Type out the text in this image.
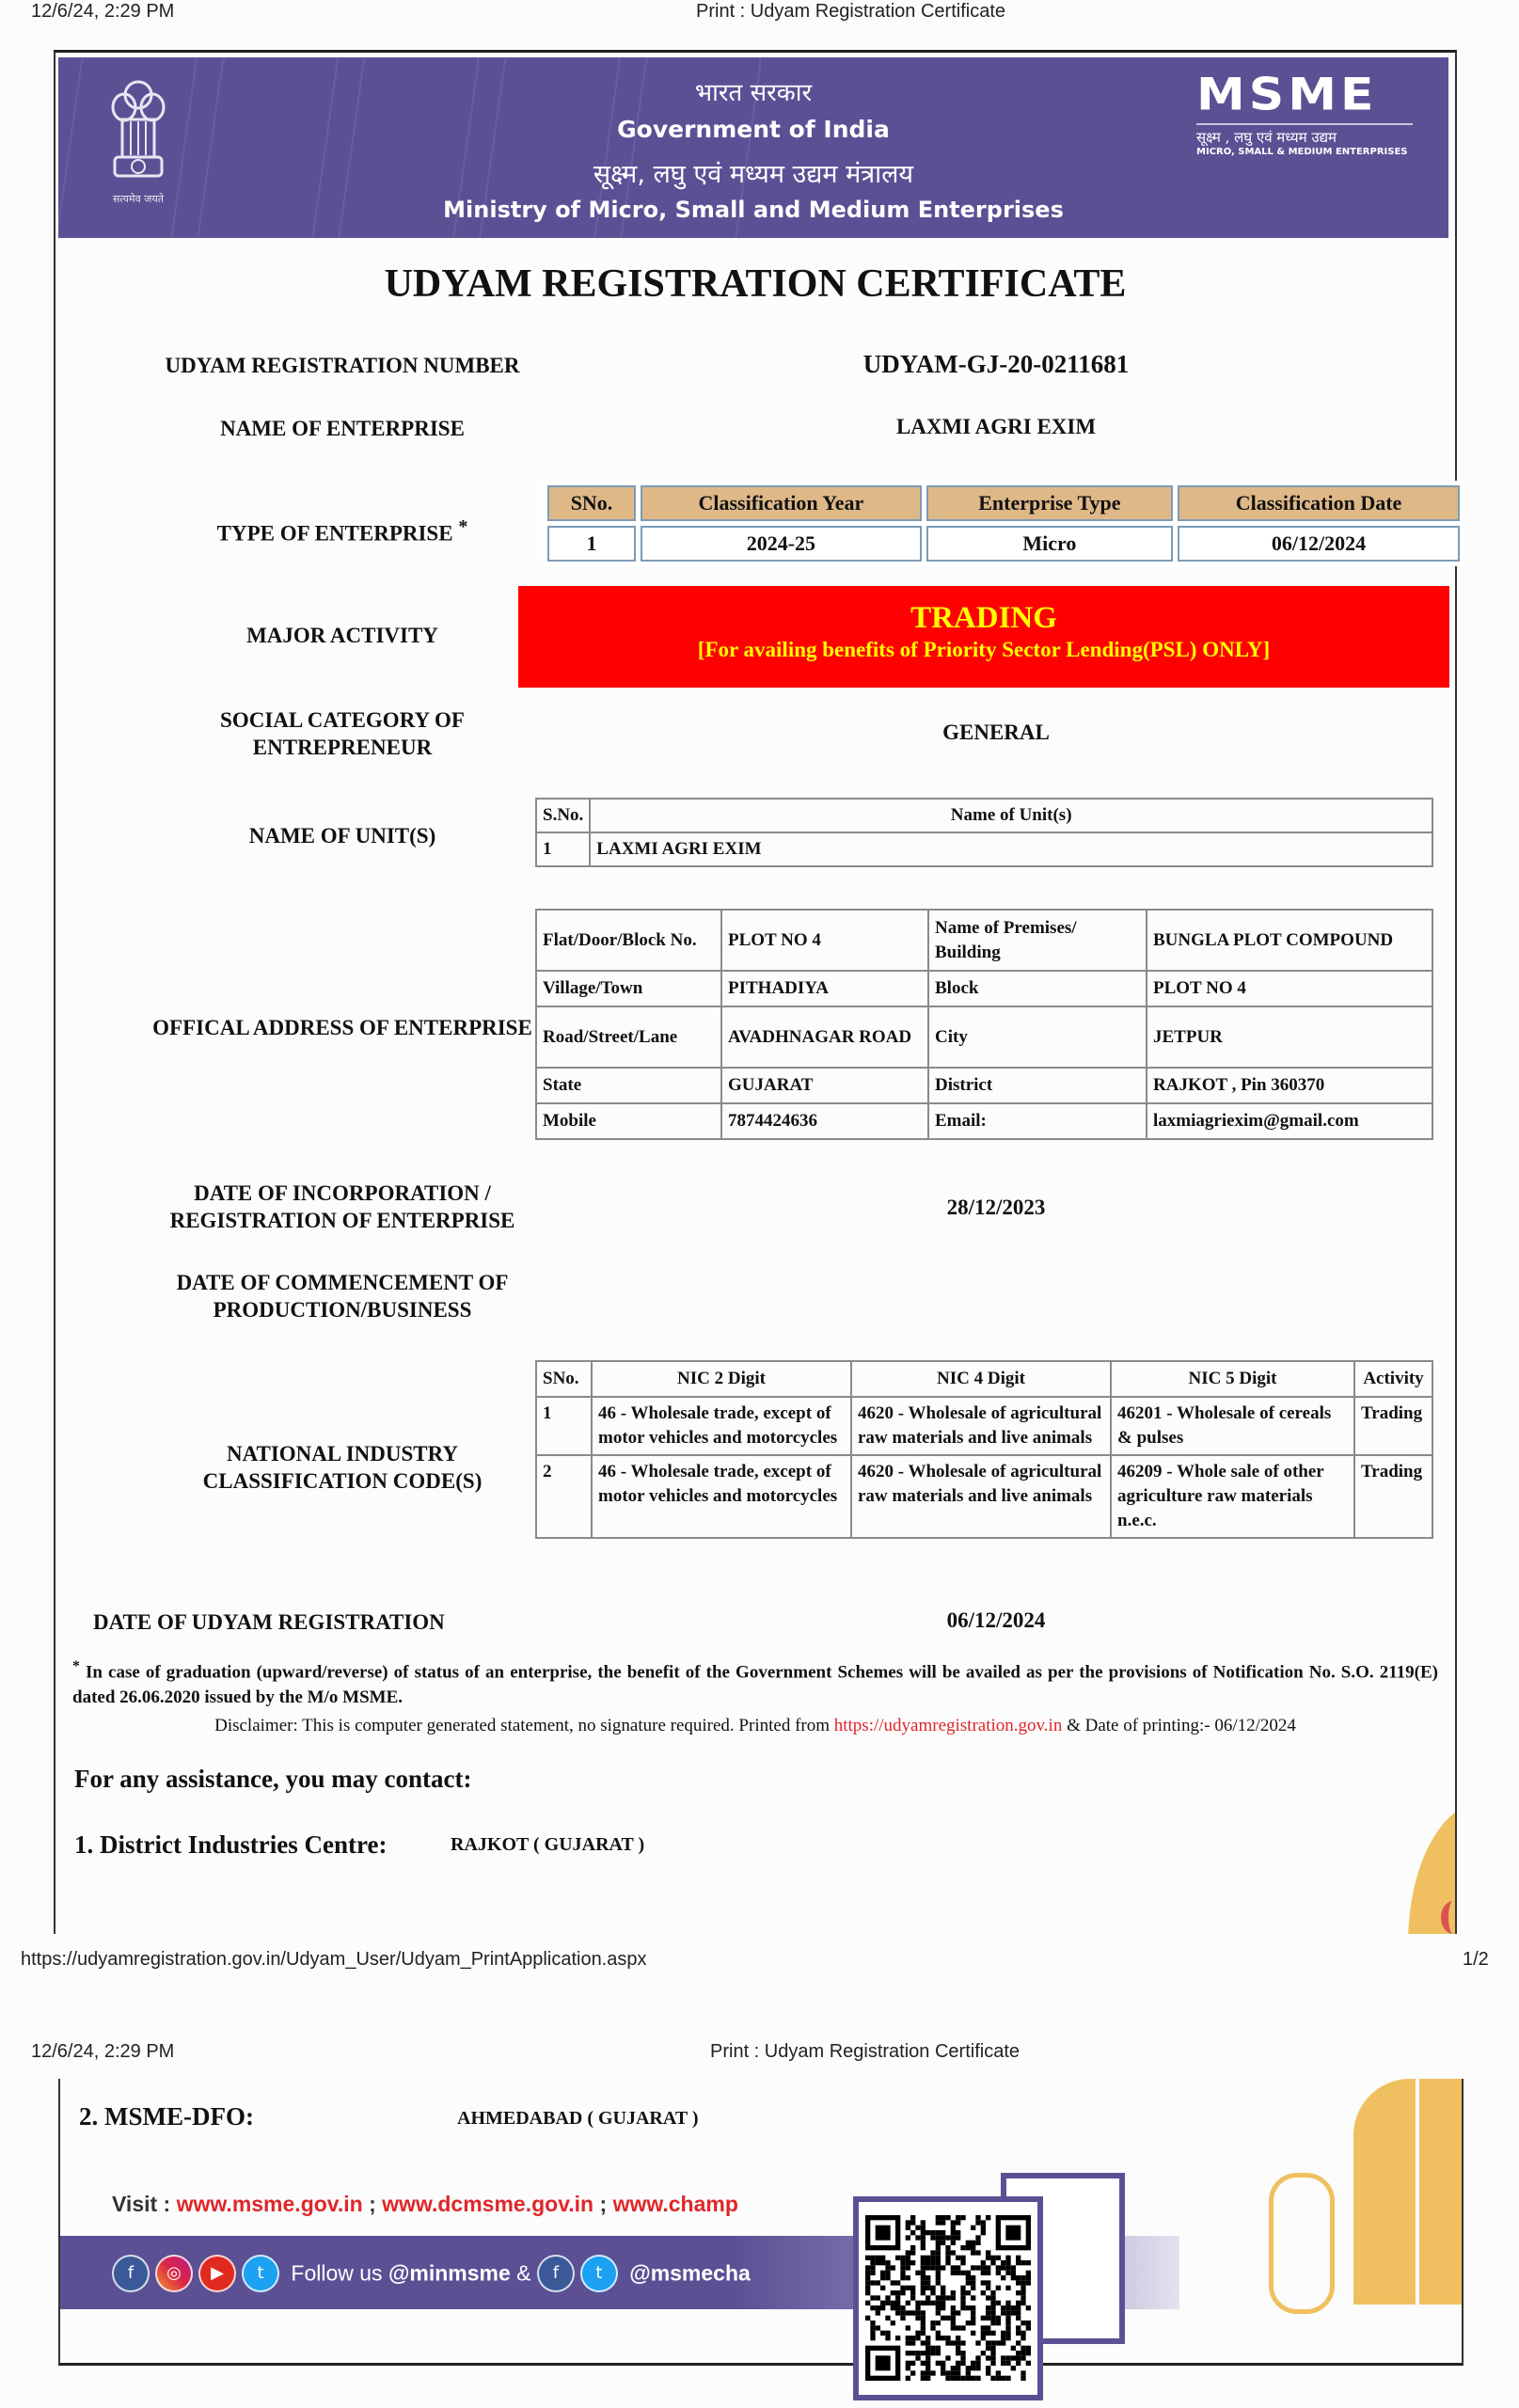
12/6/24, 2:29 PM	Print : Udyam Registration Certificate
सत्यमेव जयते
भारत सरकार
Government of India
सूक्ष्म, लघु एवं मध्यम उद्यम मंत्रालय
Ministry of Micro, Small and Medium Enterprises
MSME
सूक्ष्म , लघु एवं मध्यम उद्यम
MICRO, SMALL & MEDIUM ENTERPRISES
UDYAM REGISTRATION CERTIFICATE
UDYAM REGISTRATION NUMBER	UDYAM-GJ-20-0211681
NAME OF ENTERPRISE	LAXMI AGRI EXIM
TYPE OF ENTERPRISE *
SNo.	Classification Year	Enterprise Type	Classification Date
1	2024-25	Micro	06/12/2024
MAJOR ACTIVITY
TRADING
[For availing benefits of Priority Sector Lending(PSL) ONLY]
SOCIAL CATEGORY OF
ENTREPRENEUR
GENERAL
NAME OF UNIT(S)
S.No.	Name of Unit(s)
1	LAXMI AGRI EXIM
OFFICAL ADDRESS OF ENTERPRISE
Flat/Door/Block No.	PLOT NO 4	Name of Premises/ Building	BUNGLA PLOT COMPOUND
Village/Town	PITHADIYA	Block	PLOT NO 4
Road/Street/Lane	AVADHNAGAR ROAD	City	JETPUR
State	GUJARAT	District	RAJKOT , Pin 360370
Mobile	7874424636	Email:	laxmiagriexim@gmail.com
DATE OF INCORPORATION /
REGISTRATION OF ENTERPRISE
28/12/2023
DATE OF COMMENCEMENT OF
PRODUCTION/BUSINESS
NATIONAL INDUSTRY
CLASSIFICATION CODE(S)
SNo.	NIC 2 Digit	NIC 4 Digit	NIC 5 Digit	Activity
1	46 - Wholesale trade, except of motor vehicles and motorcycles	4620 - Wholesale of agricultural raw materials and live animals	46201 - Wholesale of cereals & pulses	Trading
2	46 - Wholesale trade, except of motor vehicles and motorcycles	4620 - Wholesale of agricultural raw materials and live animals	46209 - Whole sale of other agriculture raw materials n.e.c.	Trading
DATE OF UDYAM REGISTRATION	06/12/2024
* In case of graduation (upward/reverse) of status of an enterprise, the benefit of the Government Schemes will be availed as per the provisions of Notification No. S.O. 2119(E) dated 26.06.2020 issued by the M/o MSME.
Disclaimer: This is computer generated statement, no signature required. Printed from https://udyamregistration.gov.in & Date of printing:- 06/12/2024
For any assistance, you may contact:
1. District Industries Centre:	RAJKOT ( GUJARAT )
https://udyamregistration.gov.in/Udyam_User/Udyam_PrintApplication.aspx	1/2
12/6/24, 2:29 PM	Print : Udyam Registration Certificate
2. MSME-DFO:	AHMEDABAD ( GUJARAT )
Visit : www.msme.gov.in ; www.dcmsme.gov.in ; www.champ
f ◎ ▶ t Follow us @minmsme & f t @msmecha
